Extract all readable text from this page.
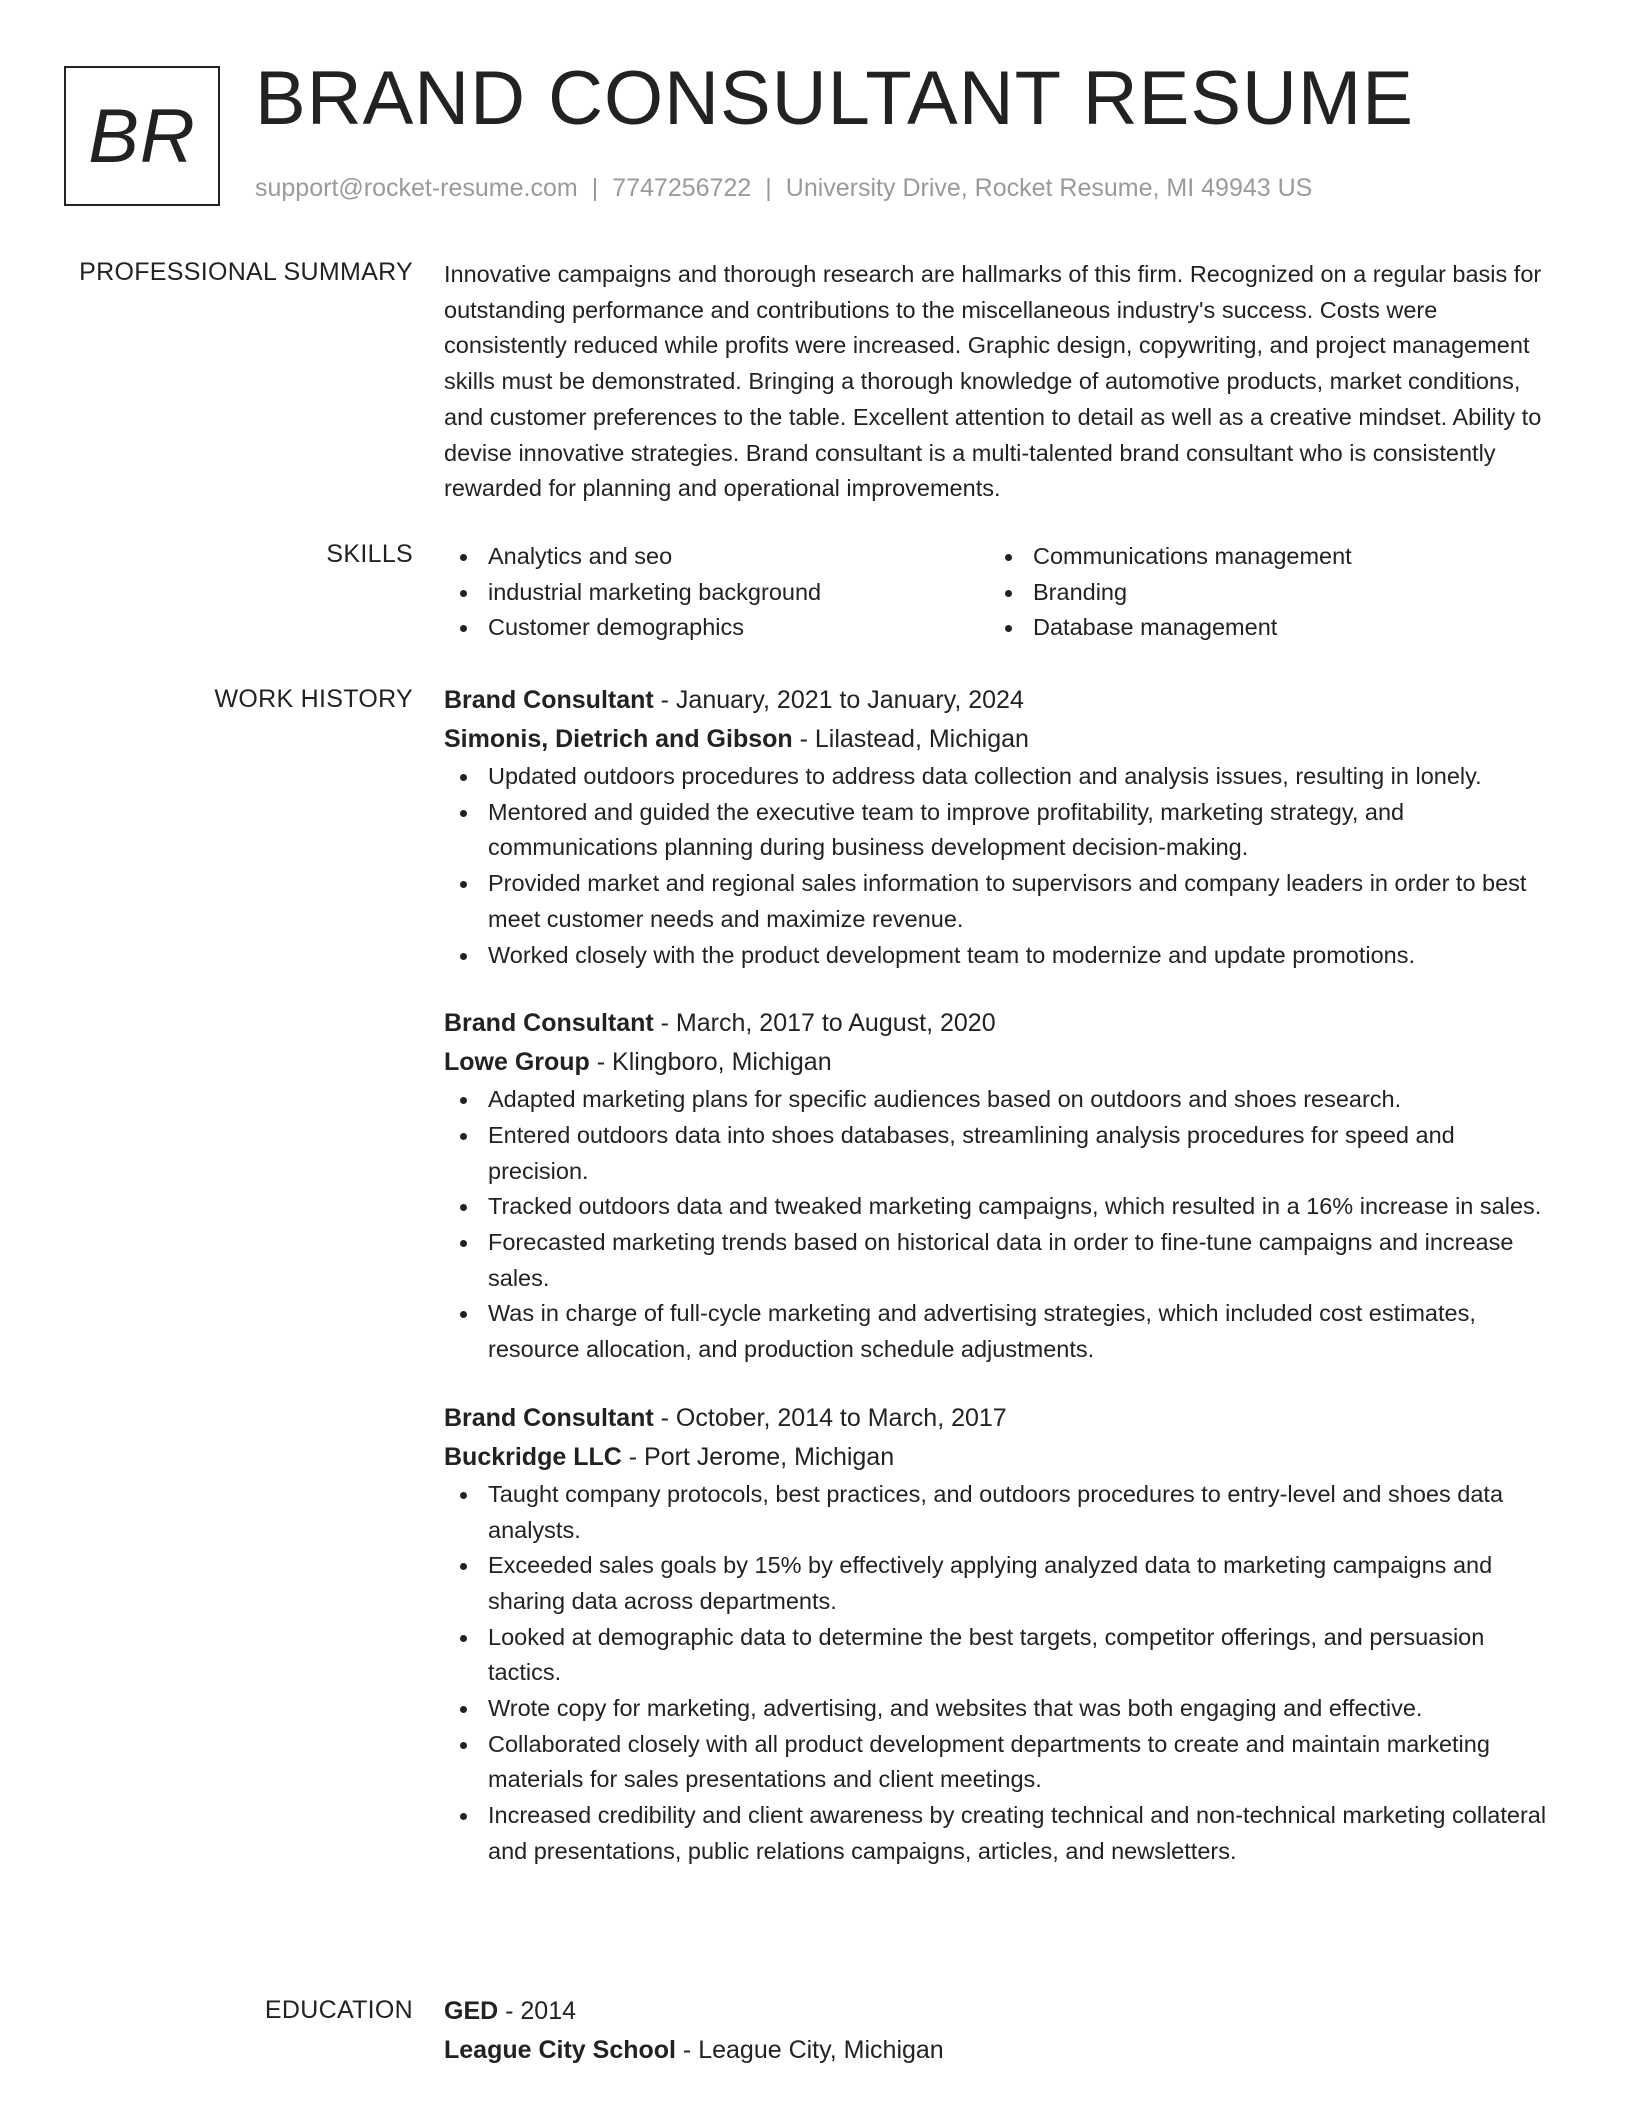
BR BRAND CONSULTANT RESUME
support@rocket-resume.com | 7747256722 | University Drive, Rocket Resume, MI 49943 US
PROFESSIONAL SUMMARY Innovative campaigns and thorough research are hallmarks of this firm. Recognized on a regular basis for outstanding performance and contributions to the miscellaneous industry's success. Costs were consistently reduced while profits were increased. Graphic design, copywriting, and project management skills must be demonstrated. Bringing a thorough knowledge of automotive products, market conditions, and customer preferences to the table. Excellent attention to detail as well as a creative mindset. Ability to devise innovative strategies. Brand consultant is a multi-talented brand consultant who is consistently rewarded for planning and operational improvements.

SKILLS	Analytics and seo
industrial marketing background
Customer demographics
Communications management
Branding
Database management
WORK HISTORY Brand Consultant - January, 2021 to January, 2024
Simonis, Dietrich and Gibson - Lilastead, Michigan
Updated outdoors procedures to address data collection and analysis issues, resulting in lonely.
Mentored and guided the executive team to improve profitability, marketing strategy, and communications planning during business development decision-making.
Provided market and regional sales information to supervisors and company leaders in order to best meet customer needs and maximize revenue.
Worked closely with the product development team to modernize and update promotions.
Brand Consultant - March, 2017 to August, 2020
Lowe Group - Klingboro, Michigan
Adapted marketing plans for specific audiences based on outdoors and shoes research.
Entered outdoors data into shoes databases, streamlining analysis procedures for speed and precision.
Tracked outdoors data and tweaked marketing campaigns, which resulted in a 16% increase in sales.
Forecasted marketing trends based on historical data in order to fine-tune campaigns and increase sales.
Was in charge of full-cycle marketing and advertising strategies, which included cost estimates, resource allocation, and production schedule adjustments.
Brand Consultant - October, 2014 to March, 2017
Buckridge LLC - Port Jerome, Michigan
Taught company protocols, best practices, and outdoors procedures to entry-level and shoes data analysts.
Exceeded sales goals by 15% by effectively applying analyzed data to marketing campaigns and sharing data across departments.
Looked at demographic data to determine the best targets, competitor offerings, and persuasion tactics.
Wrote copy for marketing, advertising, and websites that was both engaging and effective.
Collaborated closely with all product development departments to create and maintain marketing materials for sales presentations and client meetings.
Increased credibility and client awareness by creating technical and non-technical marketing collateral and presentations, public relations campaigns, articles, and newsletters.
EDUCATION GED - 2014
League City School - League City, Michigan
